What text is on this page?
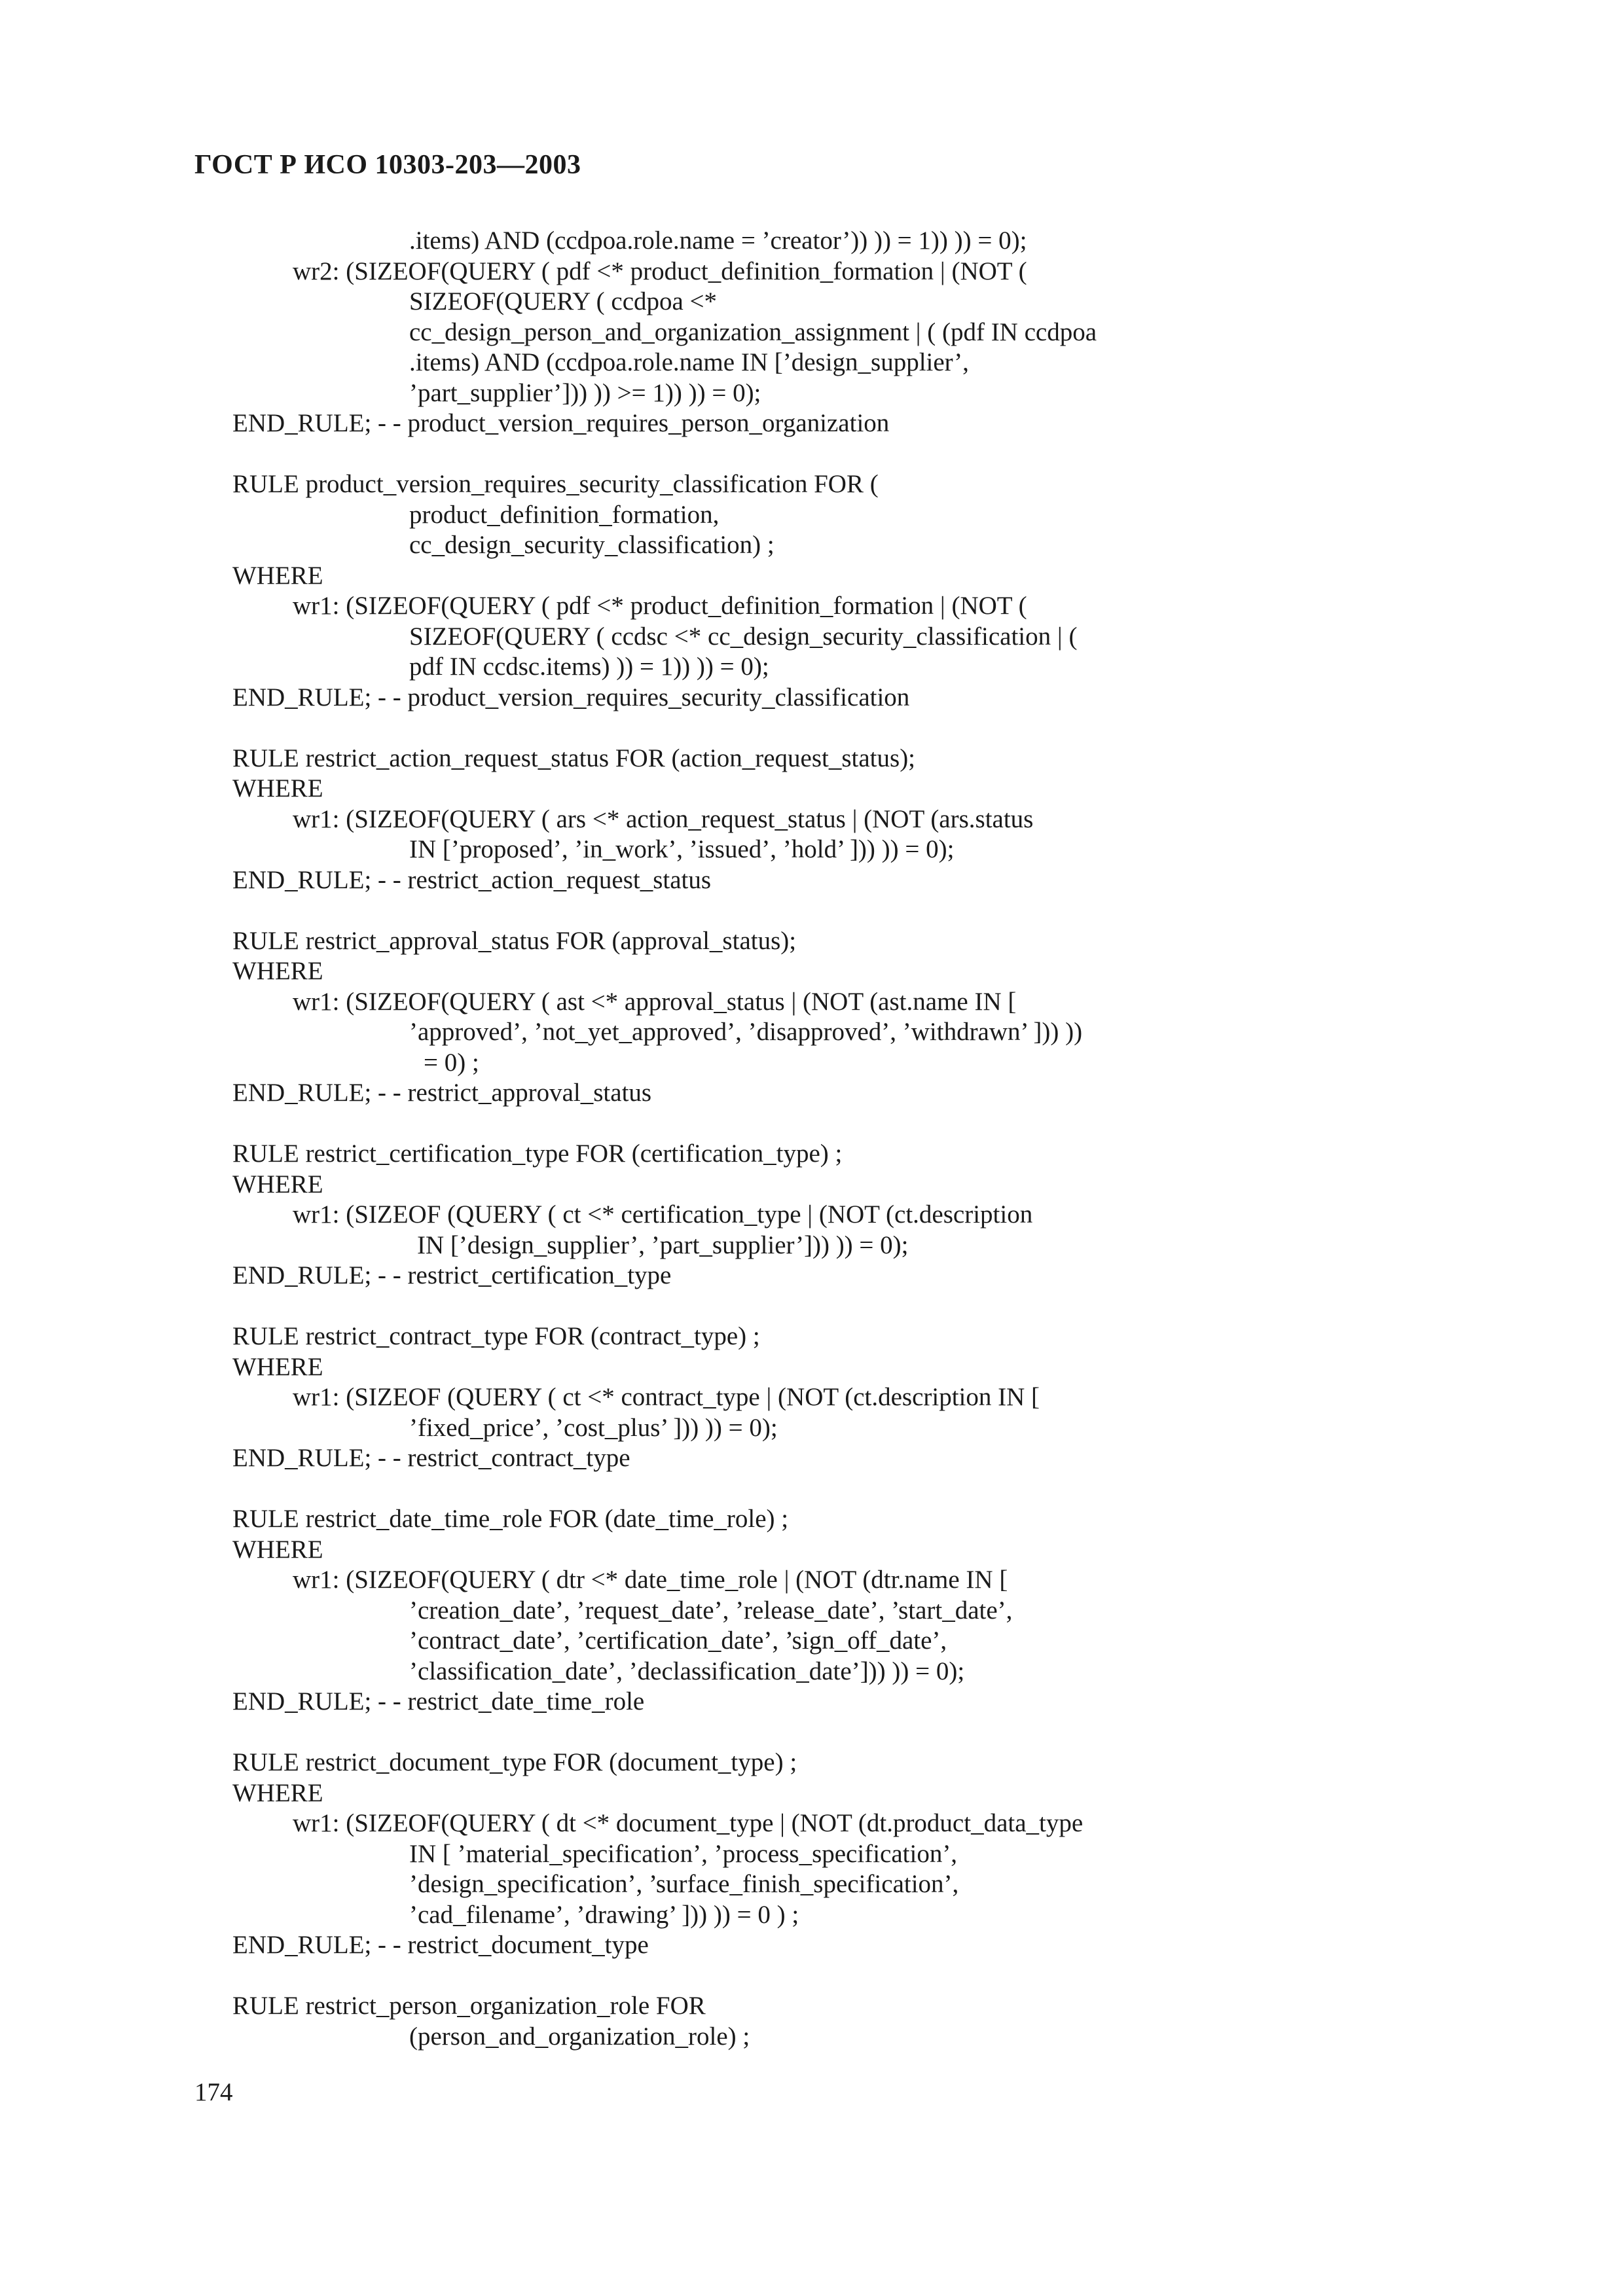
ГОСТ Р ИСО 10303-203—2003
.items) AND (ccdpoa.role.name = ’creator’)) )) = 1)) )) = 0);
wr2: (SIZEOF(QUERY ( pdf <* product_definition_formation | (NOT (
SIZEOF(QUERY ( ccdpoa <*
cc_design_person_and_organization_assignment | ( (pdf IN ccdpoa
.items) AND (ccdpoa.role.name IN [’design_supplier’,
’part_supplier’])) )) >= 1)) )) = 0);
END_RULE; - - product_version_requires_person_organization
RULE product_version_requires_security_classification FOR (
product_definition_formation,
cc_design_security_classification) ;
WHERE
wr1: (SIZEOF(QUERY ( pdf <* product_definition_formation | (NOT (
SIZEOF(QUERY ( ccdsc <* cc_design_security_classification | (
pdf IN ccdsc.items) )) = 1)) )) = 0);
END_RULE; - - product_version_requires_security_classification
RULE restrict_action_request_status FOR (action_request_status);
WHERE
wr1: (SIZEOF(QUERY ( ars <* action_request_status | (NOT (ars.status
IN [’proposed’, ’in_work’, ’issued’, ’hold’ ])) )) = 0);
END_RULE; - - restrict_action_request_status
RULE restrict_approval_status FOR (approval_status);
WHERE
wr1: (SIZEOF(QUERY ( ast <* approval_status | (NOT (ast.name IN [
’approved’, ’not_yet_approved’, ’disapproved’, ’withdrawn’ ])) ))
= 0) ;
END_RULE; - - restrict_approval_status
RULE restrict_certification_type FOR (certification_type) ;
WHERE
wr1: (SIZEOF (QUERY ( ct <* certification_type | (NOT (ct.description
IN [’design_supplier’, ’part_supplier’])) )) = 0);
END_RULE; - - restrict_certification_type
RULE restrict_contract_type FOR (contract_type) ;
WHERE
wr1: (SIZEOF (QUERY ( ct <* contract_type | (NOT (ct.description IN [
’fixed_price’, ’cost_plus’ ])) )) = 0);
END_RULE; - - restrict_contract_type
RULE restrict_date_time_role FOR (date_time_role) ;
WHERE
wr1: (SIZEOF(QUERY ( dtr <* date_time_role | (NOT (dtr.name IN [
’creation_date’, ’request_date’, ’release_date’, ’start_date’,
’contract_date’, ’certification_date’, ’sign_off_date’,
’classification_date’, ’declassification_date’])) )) = 0);
END_RULE; - - restrict_date_time_role
RULE restrict_document_type FOR (document_type) ;
WHERE
wr1: (SIZEOF(QUERY ( dt <* document_type | (NOT (dt.product_data_type
IN [ ’material_specification’, ’process_specification’,
’design_specification’, ’surface_finish_specification’,
’cad_filename’, ’drawing’ ])) )) = 0 ) ;
END_RULE; - - restrict_document_type
RULE restrict_person_organization_role FOR
(person_and_organization_role) ;
174
